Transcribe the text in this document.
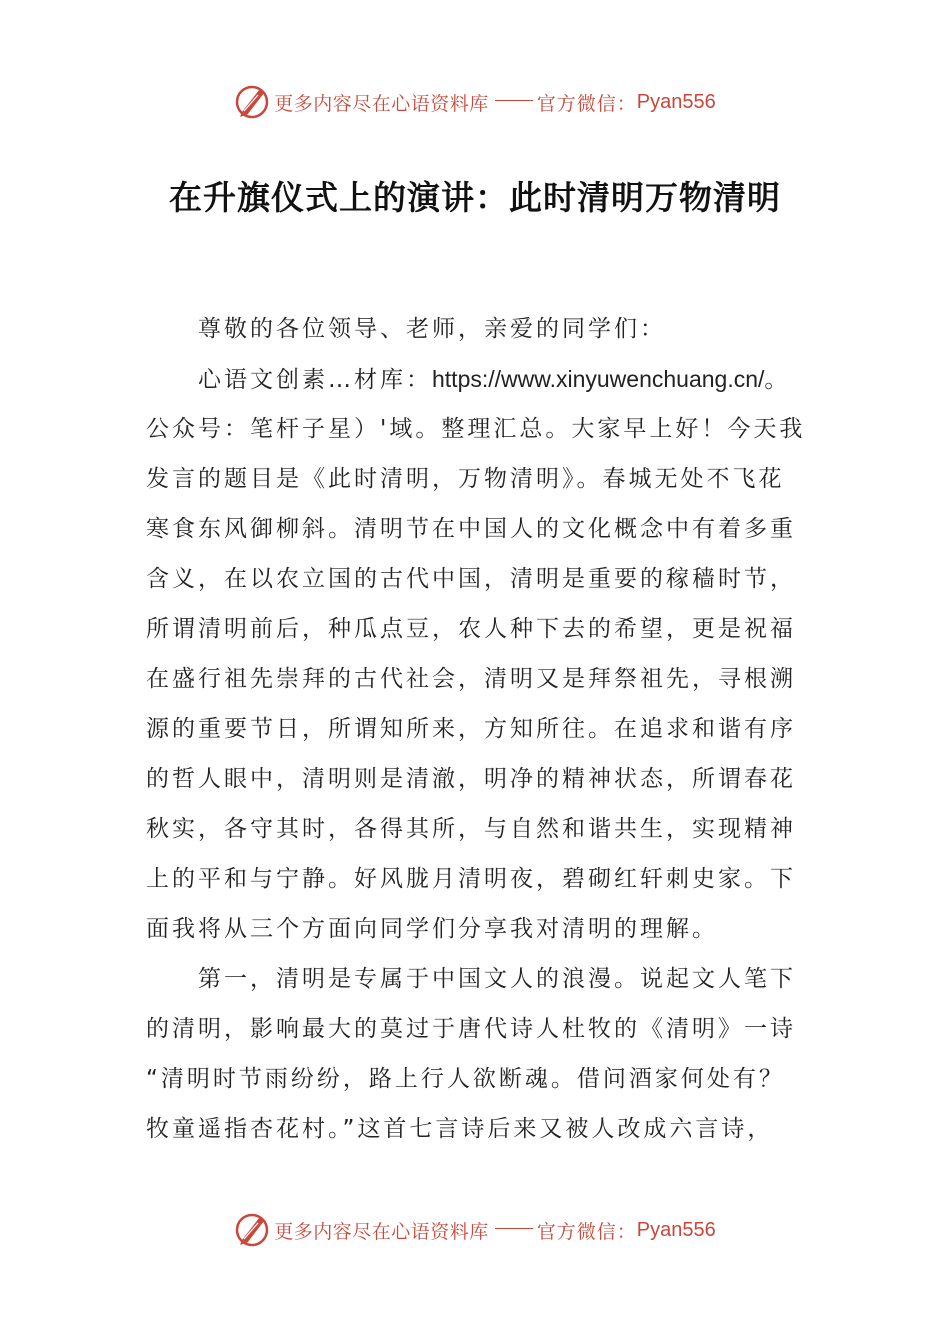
更多内容尽在心语资料库	官方微信： Pyan556
在升旗仪式上的演讲：此时清明万物清明
尊敬的各位领导、老师，亲爱的同学们：
心语文创素…材库：https://www.xinyuwenchuang.cn/。
公众号：笔杆子星）'域。整理汇总。大家早上好！今天我
发言的题目是《此时清明，万物清明》。春城无处不飞花
寒食东风御柳斜。清明节在中国人的文化概念中有着多重
含义，在以农立国的古代中国，清明是重要的稼穑时节，
所谓清明前后，种瓜点豆，农人种下去的希望，更是祝福
在盛行祖先崇拜的古代社会，清明又是拜祭祖先，寻根溯
源的重要节日，所谓知所来，方知所往。在追求和谐有序
的哲人眼中，清明则是清澈，明净的精神状态，所谓春花
秋实，各守其时，各得其所，与自然和谐共生，实现精神
上的平和与宁静。好风胧月清明夜，碧砌红轩刺史家。下
面我将从三个方面向同学们分享我对清明的理解。
第一，清明是专属于中国文人的浪漫。说起文人笔下
的清明，影响最大的莫过于唐代诗人杜牧的《清明》一诗
“清明时节雨纷纷，路上行人欲断魂。借问酒家何处有？
牧童遥指杏花村。”这首七言诗后来又被人改成六言诗，
更多内容尽在心语资料库	官方微信： Pyan556
